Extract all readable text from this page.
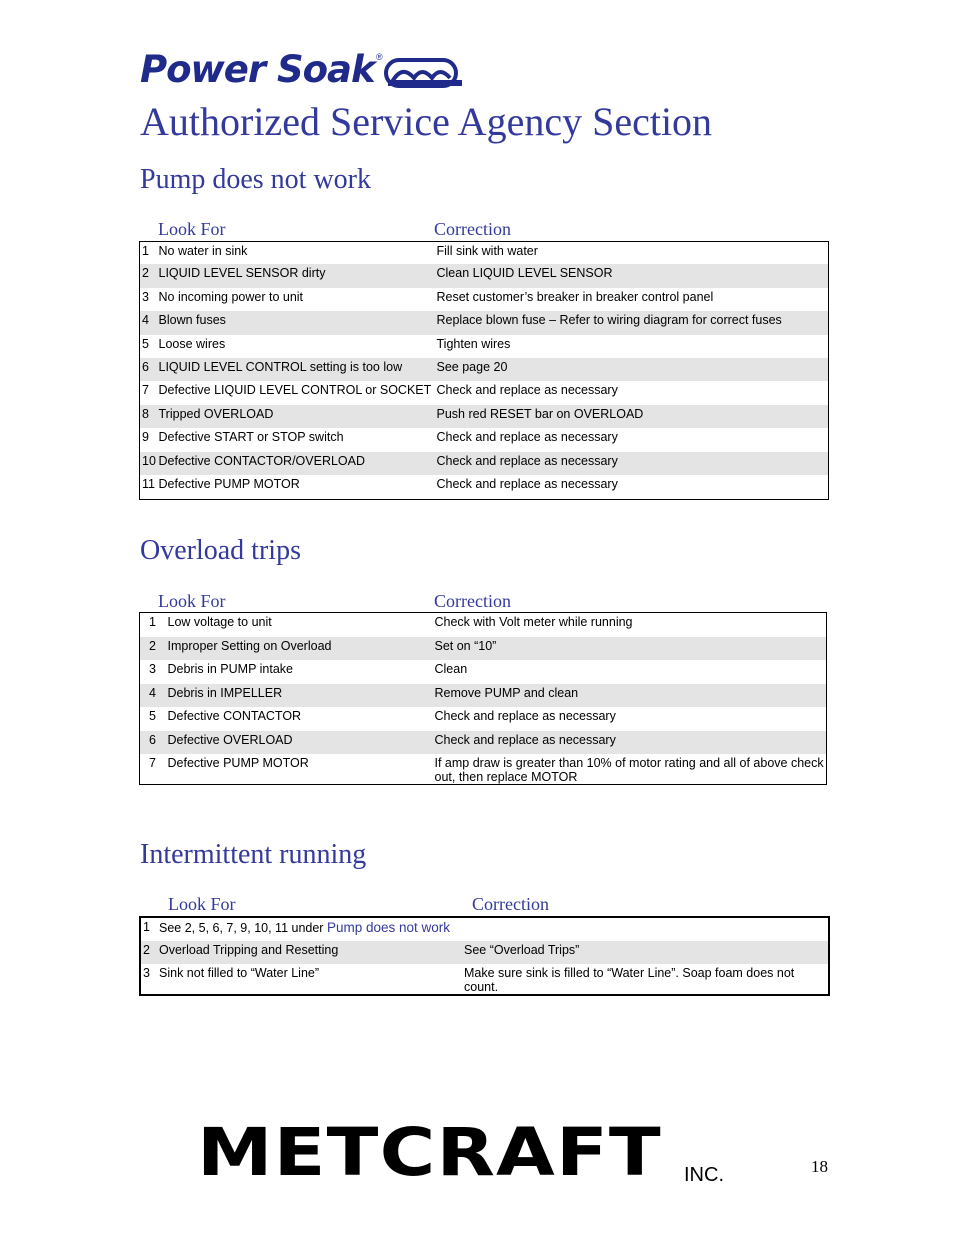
Power Soak ®
Authorized Service Agency Section
Pump does not work
Look For	Correction
1	No water in sink	Fill sink with water
2	LIQUID LEVEL SENSOR dirty	Clean LIQUID LEVEL SENSOR
3	No incoming power to unit	Reset customer’s breaker in breaker control panel
4	Blown fuses	Replace blown fuse – Refer to wiring diagram for correct fuses
5	Loose wires	Tighten wires
6	LIQUID LEVEL CONTROL setting is too low	See page 20
7	Defective LIQUID LEVEL CONTROL or SOCKET	Check and replace as necessary
8	Tripped OVERLOAD	Push red RESET bar on OVERLOAD
9	Defective START or STOP switch	Check and replace as necessary
10	Defective CONTACTOR/OVERLOAD	Check and replace as necessary
11	Defective PUMP MOTOR	Check and replace as necessary
Overload trips
Look For	Correction
1	Low voltage to unit	Check with Volt meter while running
2	Improper Setting on Overload	Set on “10”
3	Debris in PUMP intake	Clean
4	Debris in IMPELLER	Remove PUMP and clean
5	Defective CONTACTOR	Check and replace as necessary
6	Defective OVERLOAD	Check and replace as necessary
7	Defective PUMP MOTOR	If amp draw is greater than 10% of motor rating and all of above check out, then replace MOTOR
Intermittent running
Look For	Correction
1	See 2, 5, 6, 7, 9, 10, 11 under Pump does not work	
2	Overload Tripping and Resetting	See “Overload Trips”
3	Sink not filled to “Water Line”	Make sure sink is filled to “Water Line”. Soap foam does not count.
METCRAFT INC.	18
